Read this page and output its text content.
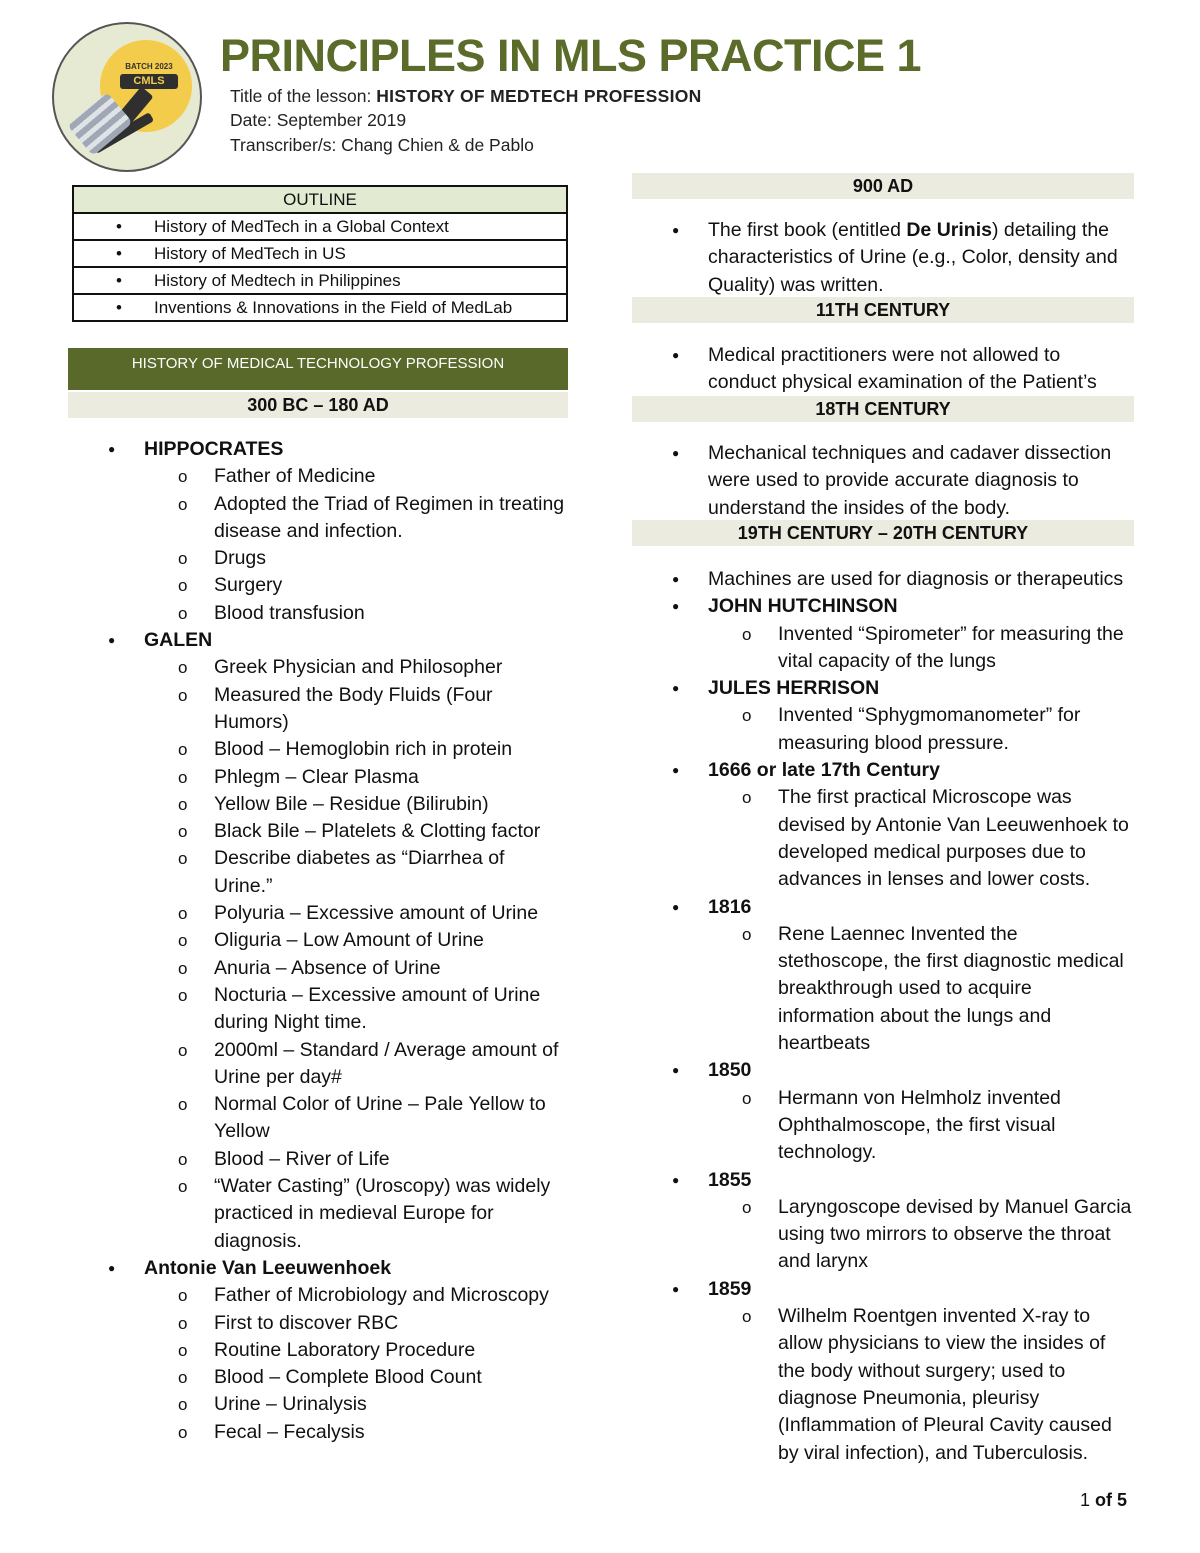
BATCH 2023
CMLS PRINCIPLES IN MLS PRACTICE 1
Title of the lesson: HISTORY OF MEDTECH PROFESSION
Date: September 2019
Transcriber/s: Chang Chien & de Pablo
OUTLINE
• History of MedTech in a Global Context
• History of MedTech in US
• History of Medtech in Philippines
• Inventions & Innovations in the Field of MedLab
HISTORY OF MEDICAL TECHNOLOGY PROFESSION
300 BC – 180 AD
● HIPPOCRATES
o Father of Medicine
o Adopted the Triad of Regimen in treating disease and infection.
o Drugs
o Surgery
o Blood transfusion
● GALEN
o Greek Physician and Philosopher
o Measured the Body Fluids (Four Humors)
o Blood – Hemoglobin rich in protein
o Phlegm – Clear Plasma
o Yellow Bile – Residue (Bilirubin)
o Black Bile – Platelets & Clotting factor
o Describe diabetes as “Diarrhea of Urine.”
o Polyuria – Excessive amount of Urine
o Oliguria – Low Amount of Urine
o Anuria – Absence of Urine
o Nocturia – Excessive amount of Urine during Night time.
o 2000ml – Standard / Average amount of Urine per day#
o Normal Color of Urine – Pale Yellow to Yellow
o Blood – River of Life
o “Water Casting” (Uroscopy) was widely practiced in medieval Europe for diagnosis.
● Antonie Van Leeuwenhoek
o Father of Microbiology and Microscopy
o First to discover RBC
o Routine Laboratory Procedure
o Blood – Complete Blood Count
o Urine – Urinalysis
o Fecal – Fecalysis
900 AD
● The first book (entitled De Urinis) detailing the characteristics of Urine (e.g., Color, density and Quality) was written.
11TH CENTURY
● Medical practitioners were not allowed to conduct physical examination of the Patient’s
18TH CENTURY
● Mechanical techniques and cadaver dissection were used to provide accurate diagnosis to understand the insides of the body.
19TH CENTURY – 20TH CENTURY
● Machines are used for diagnosis or therapeutics
● JOHN HUTCHINSON
o Invented “Spirometer” for measuring the vital capacity of the lungs
● JULES HERRISON
o Invented “Sphygmomanometer” for measuring blood pressure.
● 1666 or late 17th Century
o The first practical Microscope was devised by Antonie Van Leeuwenhoek to developed medical purposes due to advances in lenses and lower costs.
● 1816
o Rene Laennec Invented the stethoscope, the first diagnostic medical breakthrough used to acquire information about the lungs and heartbeats
● 1850
o Hermann von Helmholz invented Ophthalmoscope, the first visual technology.
● 1855
o Laryngoscope devised by Manuel Garcia using two mirrors to observe the throat and larynx
● 1859
o Wilhelm Roentgen invented X-ray to allow physicians to view the insides of the body without surgery; used to diagnose Pneumonia, pleurisy (Inflammation of Pleural Cavity caused by viral infection), and Tuberculosis.
1 of 5
